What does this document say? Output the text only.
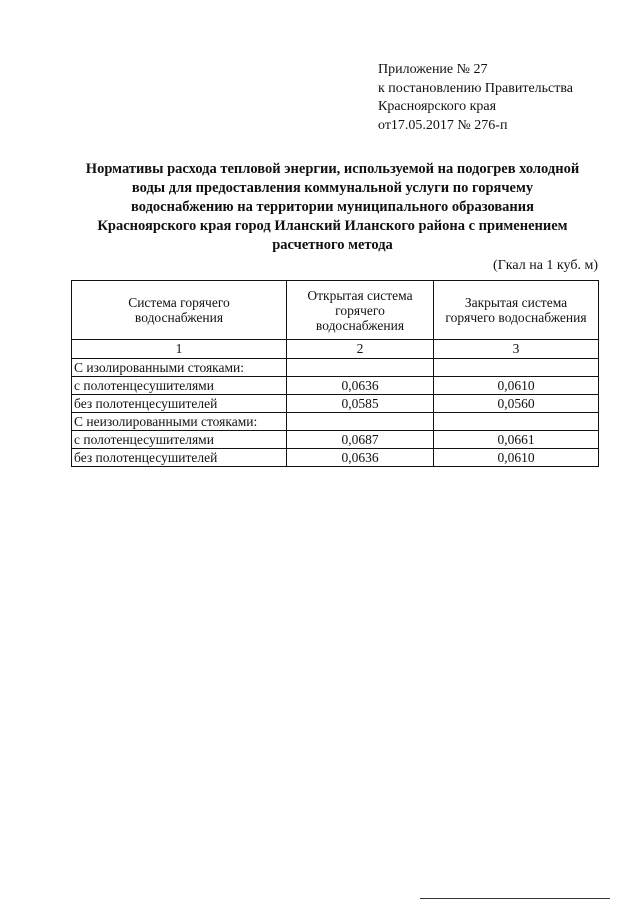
Приложение № 27
к постановлению Правительства
Красноярского края
от17.05.2017 № 276-п
Нормативы расхода тепловой энергии, используемой на подогрев холодной
воды для предоставления коммунальной услуги по горячему
водоснабжению на территории муниципального образования
Красноярского края город Иланский Иланского района с применением
расчетного метода
(Гкал на 1 куб. м)
Система горячего
водоснабжения	Открытая система
горячего
водоснабжения	Закрытая система
горячего водоснабжения

1	2	3
С изолированными стояками:		
с полотенцесушителями	0,0636	0,0610
без полотенцесушителей	0,0585	0,0560
С неизолированными стояками:		
с полотенцесушителями	0,0687	0,0661
без полотенцесушителей	0,0636	0,0610
